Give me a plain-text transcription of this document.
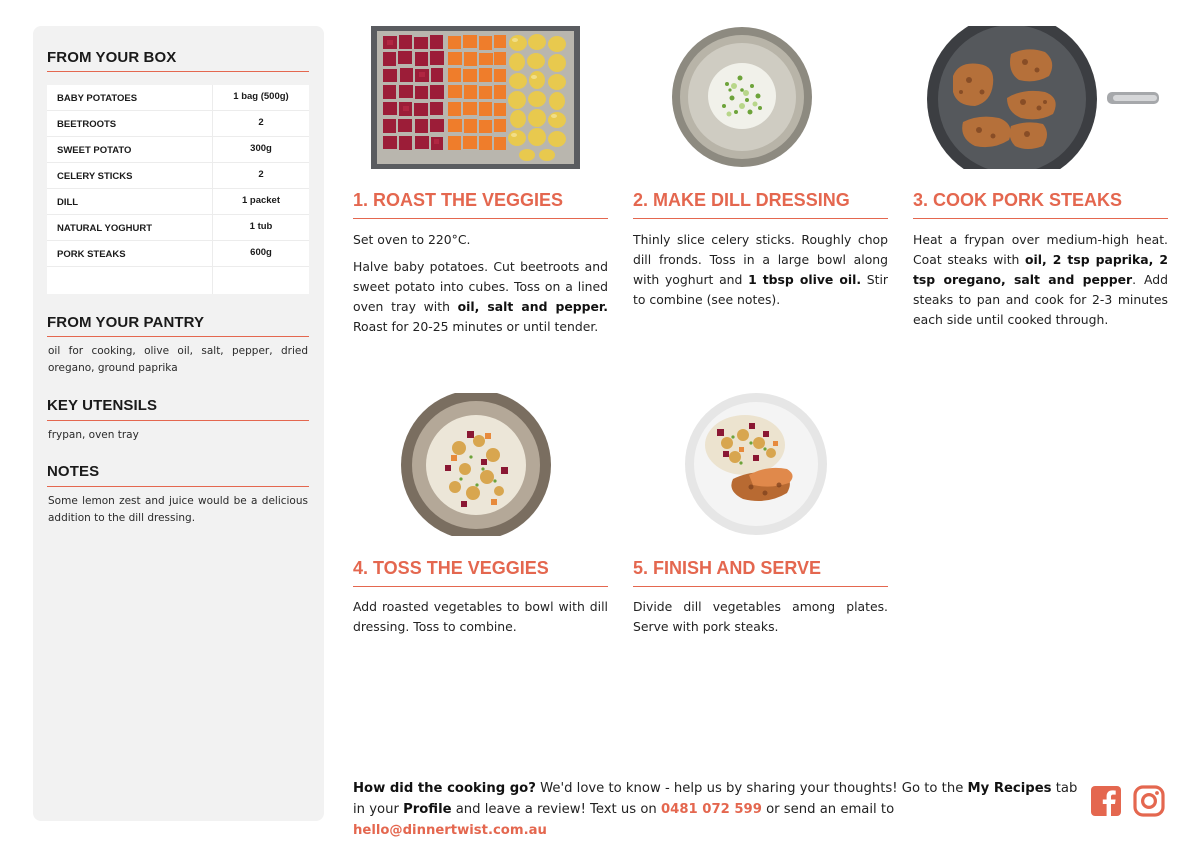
FROM YOUR BOX
BABY POTATOES	1 bag (500g)
BEETROOTS	2
SWEET POTATO	300g
CELERY STICKS	2
DILL	1 packet
NATURAL YOGHURT	1 tub
PORK STEAKS	600g
FROM YOUR PANTRY
oil for cooking, olive oil, salt, pepper, dried oregano, ground paprika
KEY UTENSILS
frypan, oven tray
NOTES
Some lemon zest and juice would be a delicious addition to the dill dressing.
1. ROAST THE VEGGIES
Set oven to 220°C.
Halve baby potatoes. Cut beetroots and sweet potato into cubes. Toss on a lined oven tray with oil, salt and pepper. Roast for 20-25 minutes or until tender.
2. MAKE DILL DRESSING
Thinly slice celery sticks. Roughly chop dill fronds. Toss in a large bowl along with yoghurt and 1 tbsp olive oil. Stir to combine (see notes).
3. COOK PORK STEAKS
Heat a frypan over medium-high heat. Coat steaks with oil, 2 tsp paprika, 2 tsp oregano, salt and pepper. Add steaks to pan and cook for 2-3 minutes each side until cooked through.
4. TOSS THE VEGGIES
Add roasted vegetables to bowl with dill dressing. Toss to combine.
5. FINISH AND SERVE
Divide dill vegetables among plates. Serve with pork steaks.
How did the cooking go? We'd love to know - help us by sharing your thoughts! Go to the My Recipes tab in your Profile and leave a review! Text us on 0481 072 599 or send an email to hello@dinnertwist.com.au
